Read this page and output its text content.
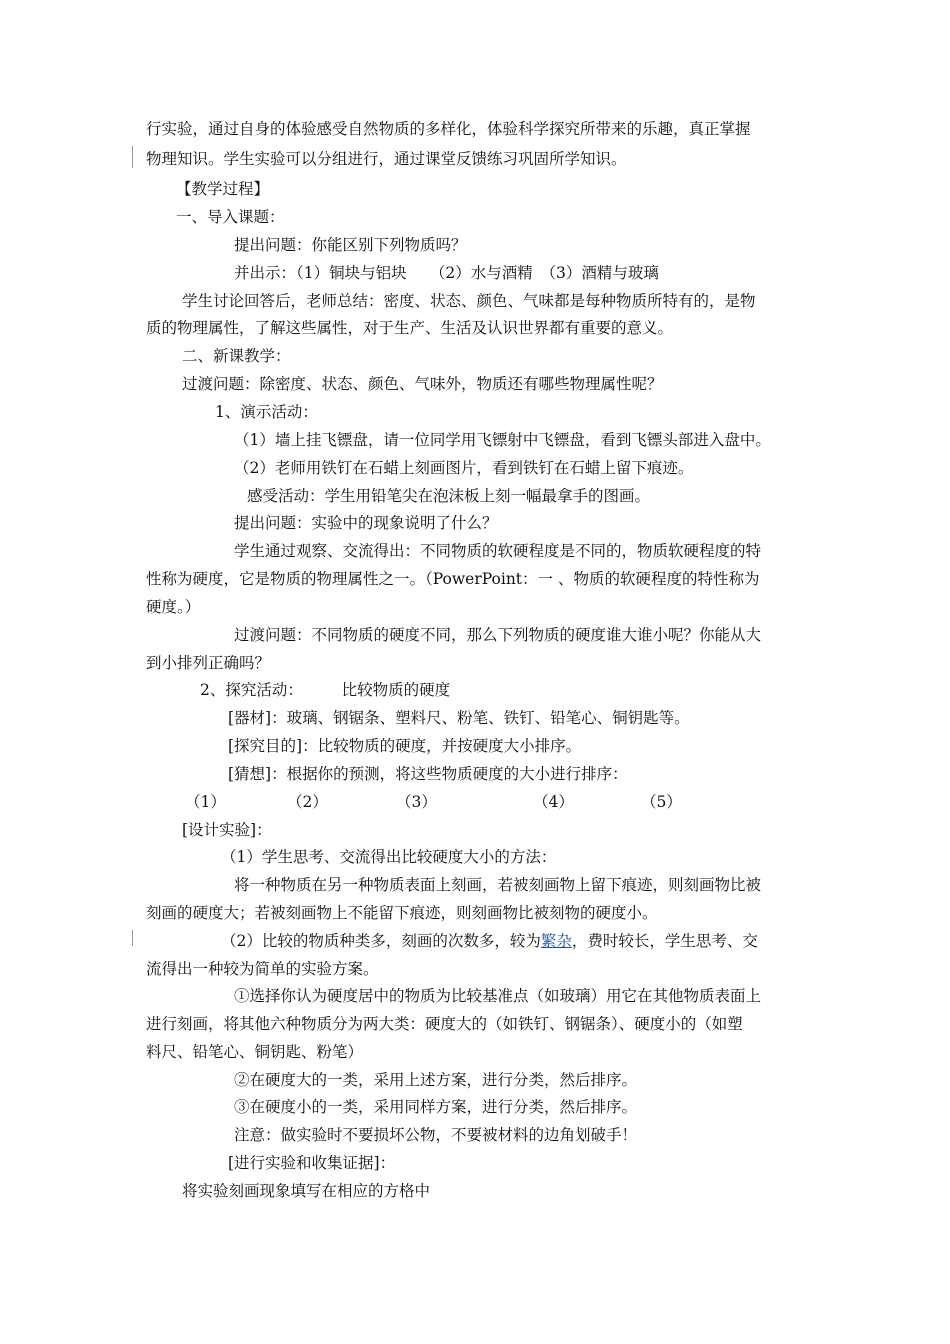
行实验，通过自身的体验感受自然物质的多样化，体验科学探究所带来的乐趣，真正掌握
物理知识。学生实验可以分组进行，通过课堂反馈练习巩固所学知识。
【教学过程】
一、导入课题：
提出问题：你能区别下列物质吗？
并出示：（1）铜块与铝块　　（2）水与酒精　（3）酒精与玻璃
学生讨论回答后，老师总结：密度、状态、颜色、气味都是每种物质所特有的，是物
质的物理属性，了解这些属性，对于生产、生活及认识世界都有重要的意义。
二、新课教学：
过渡问题：除密度、状态、颜色、气味外，物质还有哪些物理属性呢？
1、演示活动：
（1）墙上挂飞镖盘，请一位同学用飞镖射中飞镖盘，看到飞镖头部进入盘中。
（2）老师用铁钉在石蜡上刻画图片，看到铁钉在石蜡上留下痕迹。
感受活动：学生用铅笔尖在泡沫板上刻一幅最拿手的图画。
提出问题：实验中的现象说明了什么？
学生通过观察、交流得出：不同物质的软硬程度是不同的，物质软硬程度的特
性称为硬度，它是物质的物理属性之一。（PowerPoint：一 、物质的软硬程度的特性称为
硬度。）
过渡问题：不同物质的硬度不同，那么下列物质的硬度谁大谁小呢？你能从大
到小排列正确吗？
2、探究活动：　　　比较物质的硬度
[器材]：玻璃、钢锯条、塑料尺、粉笔、铁钉、铅笔心、铜钥匙等。
[探究目的]：比较物质的硬度，并按硬度大小排序。
[猜想]：根据你的预测，将这些物质硬度的大小进行排序：
（1）	（2）	（3）	（4）	（5）
[设计实验]：
（1）学生思考、交流得出比较硬度大小的方法：
将一种物质在另一种物质表面上刻画，若被刻画物上留下痕迹，则刻画物比被
刻画的硬度大；若被刻画物上不能留下痕迹，则刻画物比被刻物的硬度小。
（2）比较的物质种类多，刻画的次数多，较为繁杂，费时较长，学生思考、交
流得出一种较为简单的实验方案。
①选择你认为硬度居中的物质为比较基准点（如玻璃）用它在其他物质表面上
进行刻画，将其他六种物质分为两大类：硬度大的（如铁钉、钢锯条）、硬度小的（如塑
料尺、铅笔心、铜钥匙、粉笔）
②在硬度大的一类，采用上述方案，进行分类，然后排序。
③在硬度小的一类，采用同样方案，进行分类，然后排序。
注意：做实验时不要损坏公物，不要被材料的边角划破手！
[进行实验和收集证据]：
将实验刻画现象填写在相应的方格中
